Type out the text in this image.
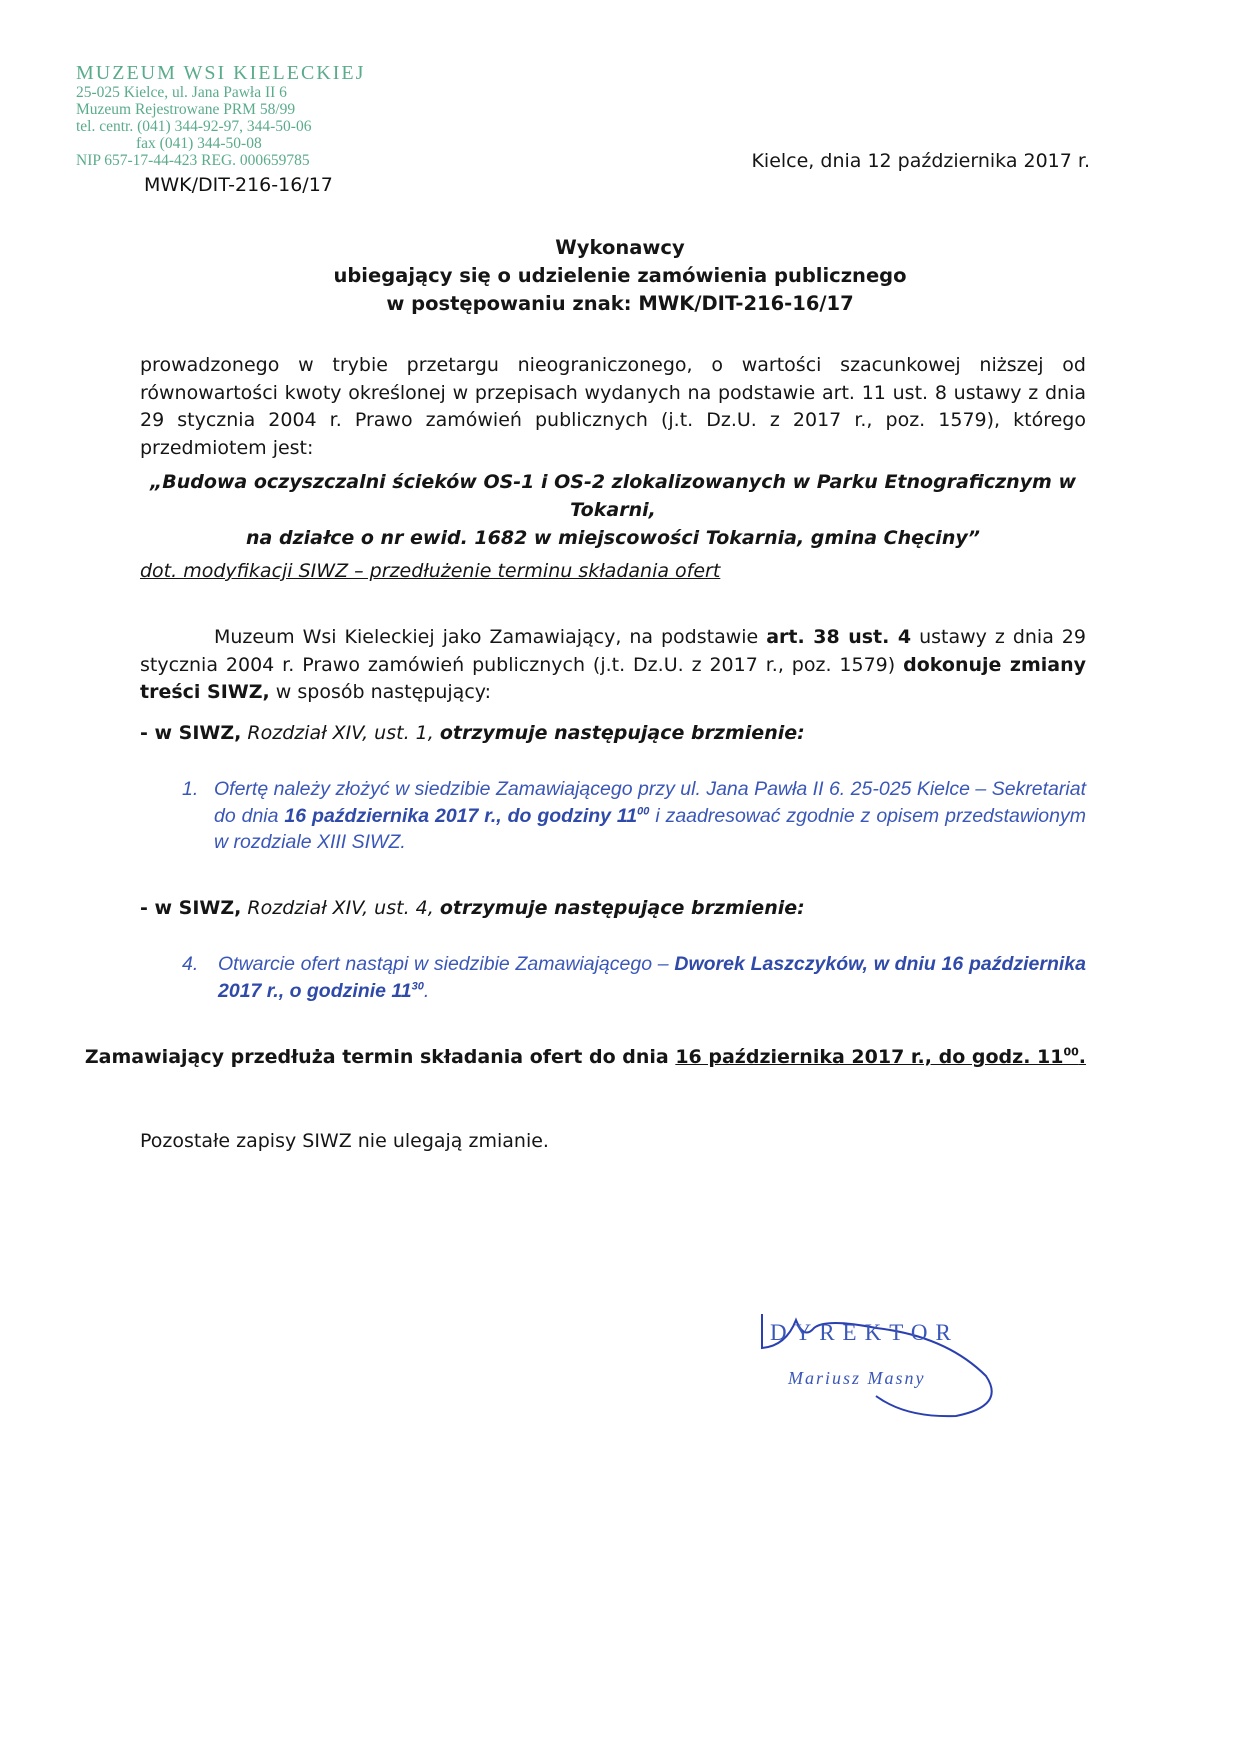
MUZEUM WSI KIELECKIEJ
25-025 Kielce, ul. Jana Pawła II 6
Muzeum Rejestrowane PRM 58/99
tel. centr. (041) 344-92-97, 344-50-06
fax (041) 344-50-08
NIP 657-17-44-423 REG. 000659785
MWK/DIT-216-16/17
Kielce, dnia 12 października 2017 r.
Wykonawcy
ubiegający się o udzielenie zamówienia publicznego
w postępowaniu znak: MWK/DIT-216-16/17
prowadzonego w trybie przetargu nieograniczonego, o wartości szacunkowej niższej od równowartości kwoty określonej w przepisach wydanych na podstawie art. 11 ust. 8 ustawy z dnia 29 stycznia 2004 r. Prawo zamówień publicznych (j.t. Dz.U. z 2017 r., poz. 1579), którego przedmiotem jest:
„Budowa oczyszczalni ścieków OS-1 i OS-2 zlokalizowanych w Parku Etnograficznym w Tokarni,
na działce o nr ewid. 1682 w miejscowości Tokarnia, gmina Chęciny”
dot. modyfikacji SIWZ – przedłużenie terminu składania ofert
Muzeum Wsi Kieleckiej jako Zamawiający, na podstawie art. 38 ust. 4 ustawy z dnia 29 stycznia 2004 r. Prawo zamówień publicznych (j.t. Dz.U. z 2017 r., poz. 1579) dokonuje zmiany treści SIWZ, w sposób następujący:
- w SIWZ, Rozdział XIV, ust. 1, otrzymuje następujące brzmienie:
1. Ofertę należy złożyć w siedzibie Zamawiającego przy ul. Jana Pawła II 6. 25-025 Kielce – Sekretariat do dnia 16 października 2017 r., do godziny $11^{00}$ i zaadresować zgodnie z opisem przedstawionym w rozdziale XIII SIWZ.
- w SIWZ, Rozdział XIV, ust. 4, otrzymuje następujące brzmienie:
4. Otwarcie ofert nastąpi w siedzibie Zamawiającego – Dworek Laszczyków, w dniu 16 października 2017 r., o godzinie $11^{30}$.
Zamawiający przedłuża termin składania ofert do dnia 16 października 2017 r., do godz. $11^{00}$.
Pozostałe zapisy SIWZ nie ulegają zmianie.
DYREKTOR
Mariusz Masny
